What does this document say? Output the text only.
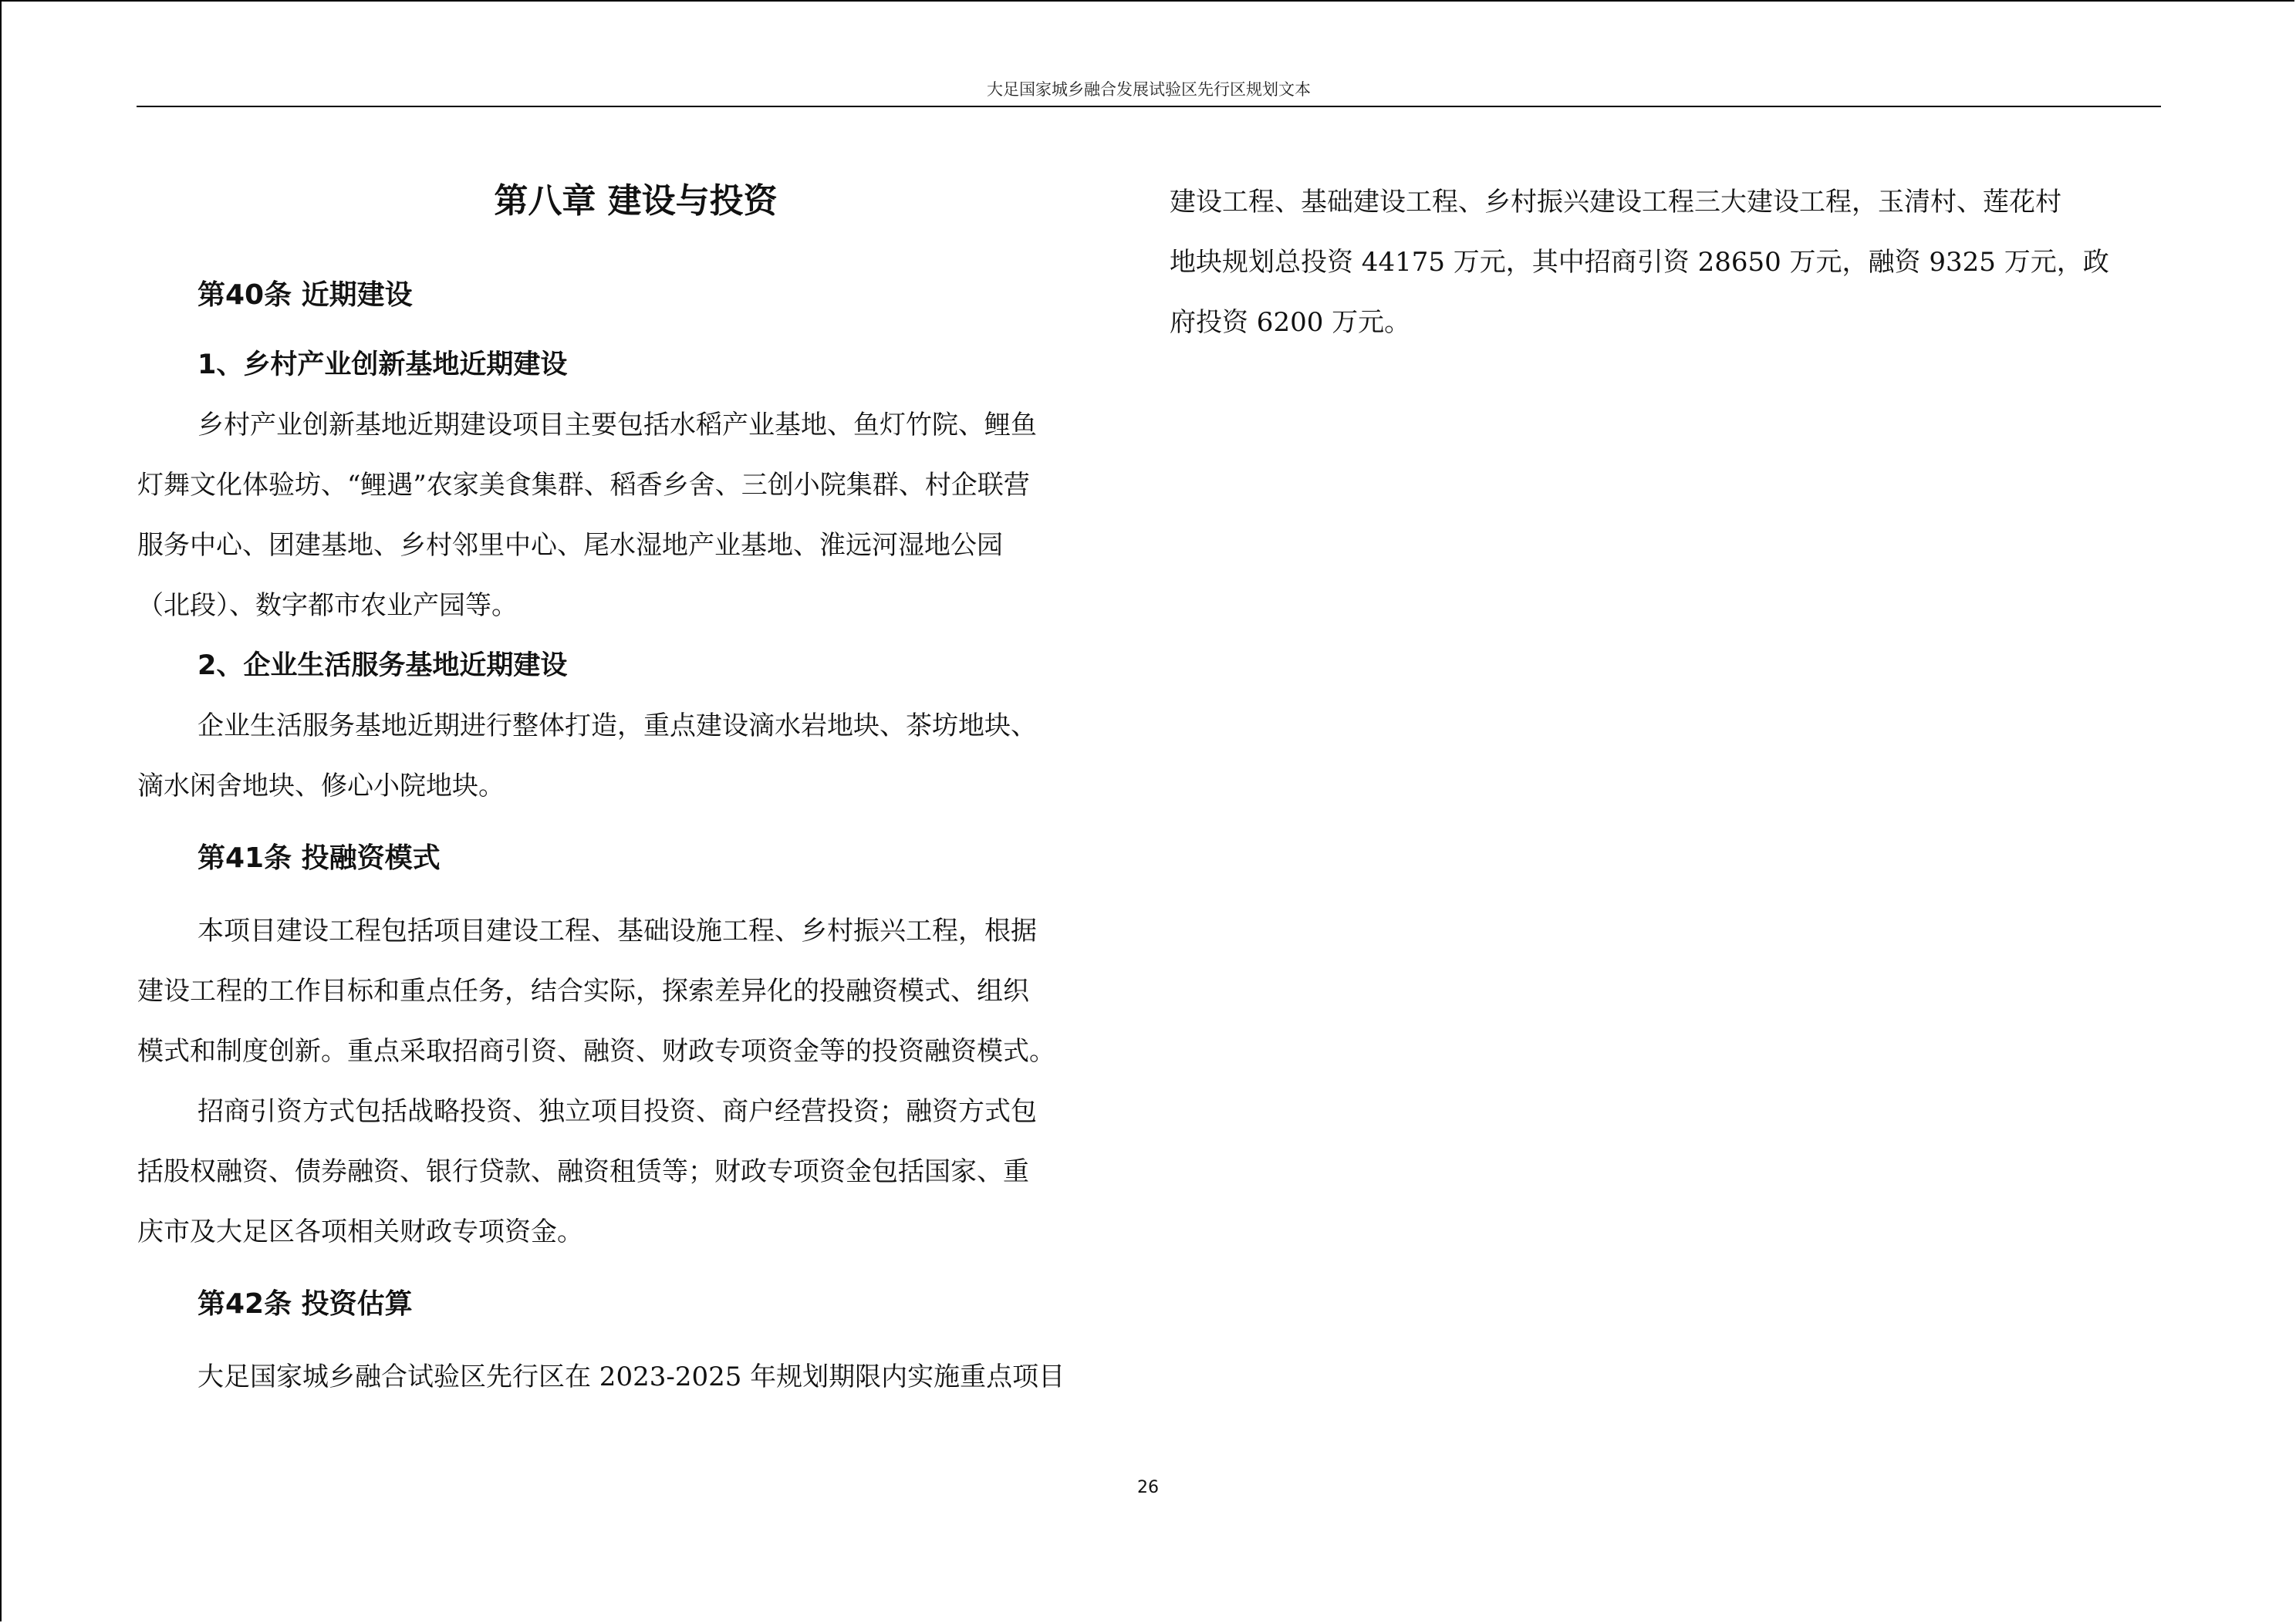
大足国家城乡融合发展试验区先行区规划文本
第八章 建设与投资
第40条 近期建设
1、乡村产业创新基地近期建设

乡村产业创新基地近期建设项目主要包括水稻产业基地、鱼灯竹院、鲤鱼

灯舞文化体验坊、“鲤遇”农家美食集群、稻香乡舍、三创小院集群、村企联营

服务中心、团建基地、乡村邻里中心、尾水湿地产业基地、淮远河湿地公园

（北段）、数字都市农业产园等。

2、企业生活服务基地近期建设

企业生活服务基地近期进行整体打造，重点建设滴水岩地块、茶坊地块、

滴水闲舍地块、修心小院地块。

第41条 投融资模式

本项目建设工程包括项目建设工程、基础设施工程、乡村振兴工程，根据

建设工程的工作目标和重点任务，结合实际，探索差异化的投融资模式、组织

模式和制度创新。重点采取招商引资、融资、财政专项资金等的投资融资模式。

招商引资方式包括战略投资、独立项目投资、商户经营投资；融资方式包

括股权融资、债券融资、银行贷款、融资租赁等；财政专项资金包括国家、重

庆市及大足区各项相关财政专项资金。

第42条 投资估算

大足国家城乡融合试验区先行区在 2023-2025 年规划期限内实施重点项目

建设工程、基础建设工程、乡村振兴建设工程三大建设工程，玉清村、莲花村

地块规划总投资 44175 万元，其中招商引资 28650 万元，融资 9325 万元，政

府投资 6200 万元。

26
